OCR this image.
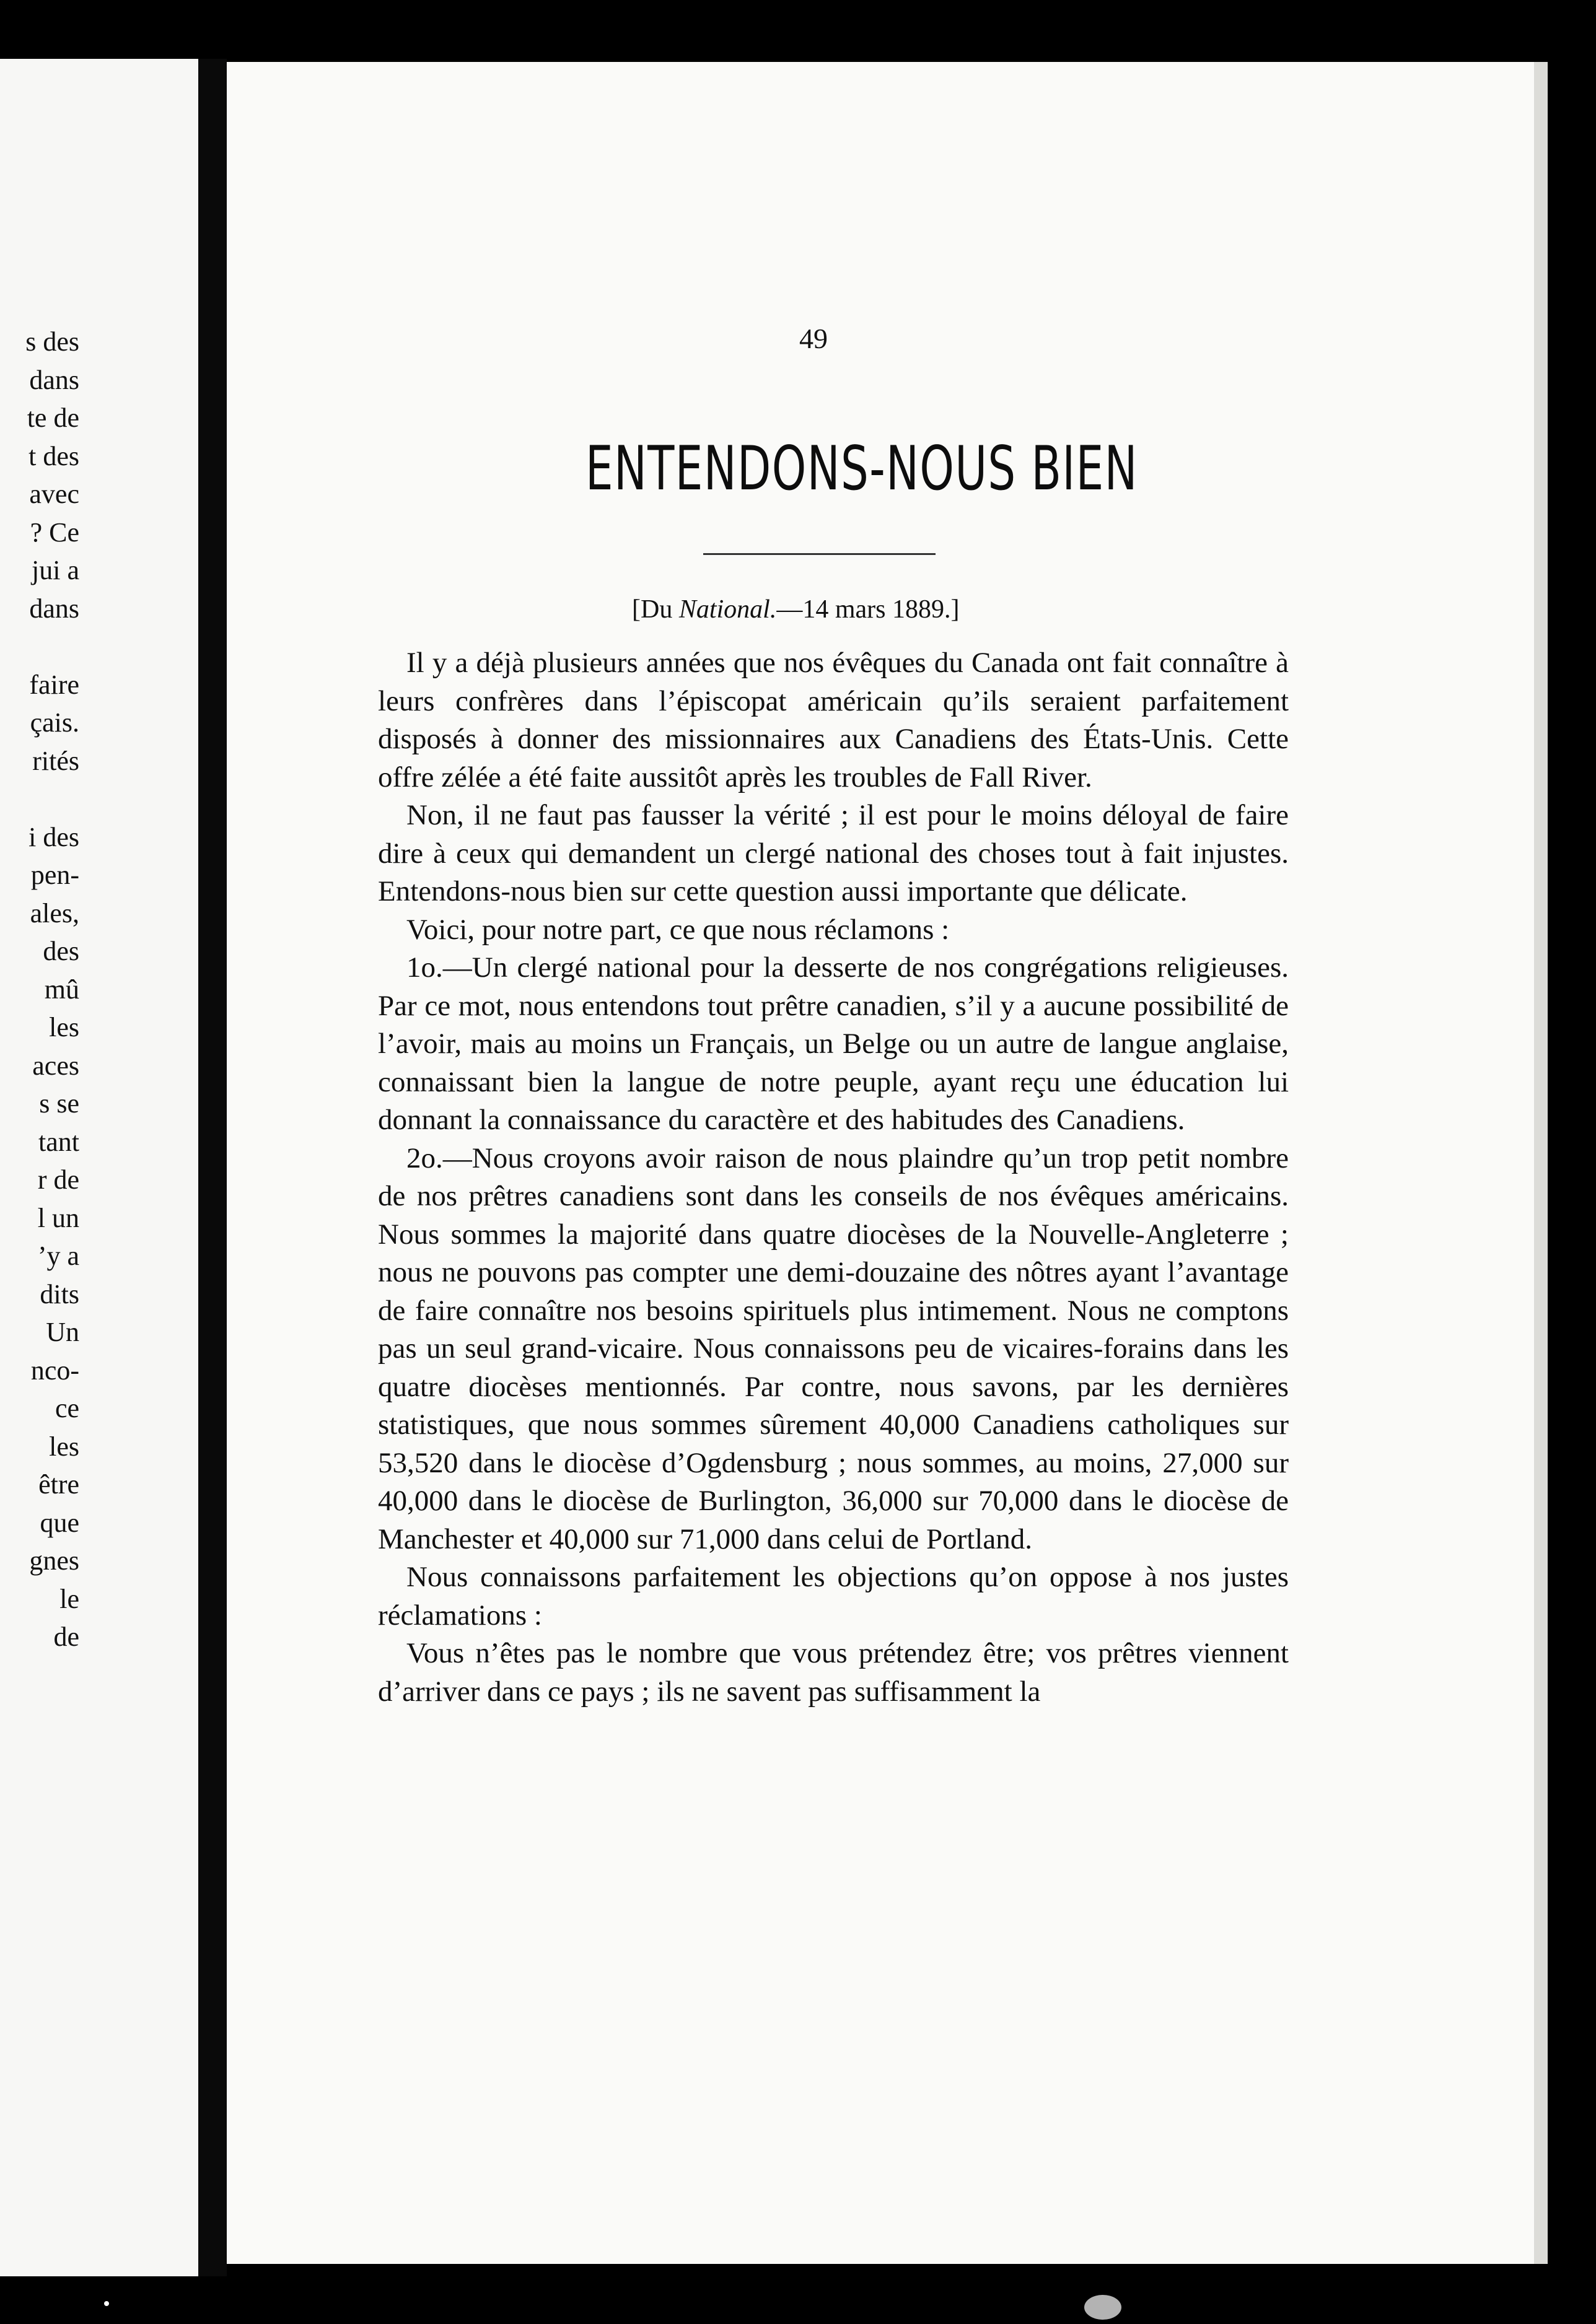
s des
dans
te de
t des
avec
? Ce
jui a
dans
faire
çais.
rités
i des
pen-
ales,
des
mû
les
aces
s se
tant
r de
l un
’y a
dits
Un
nco-
ce
les
être
que
gnes
le
de
49
ENTENDONS-NOUS BIEN
[Du National.—14 mars 1889.]

Il y a déjà plusieurs années que nos évêques du Canada ont fait connaître à leurs confrères dans l’épiscopat américain qu’ils seraient parfaitement disposés à donner des missionnaires aux Canadiens des États-Unis. Cette offre zélée a été faite aussitôt après les troubles de Fall River.

Non, il ne faut pas fausser la vérité ; il est pour le moins déloyal de faire dire à ceux qui demandent un clergé national des choses tout à fait injustes. Entendons-nous bien sur cette question aussi importante que délicate.

Voici, pour notre part, ce que nous réclamons :

1o.—Un clergé national pour la desserte de nos congrégations religieuses. Par ce mot, nous entendons tout prêtre canadien, s’il y a aucune possibilité de l’avoir, mais au moins un Français, un Belge ou un autre de langue anglaise, connaissant bien la langue de notre peuple, ayant reçu une éducation lui donnant la connaissance du caractère et des habitudes des Canadiens.

2o.—Nous croyons avoir raison de nous plaindre qu’un trop petit nombre de nos prêtres canadiens sont dans les conseils de nos évêques américains. Nous sommes la majorité dans quatre diocèses de la Nouvelle-Angleterre ; nous ne pouvons pas compter une demi-douzaine des nôtres ayant l’avantage de faire connaître nos besoins spirituels plus intimement. Nous ne comptons pas un seul grand-vicaire. Nous connaissons peu de vicaires-forains dans les quatre diocèses mentionnés. Par contre, nous savons, par les dernières statistiques, que nous sommes sûrement 40,000 Canadiens catholiques sur 53,520 dans le diocèse d’Ogdensburg ; nous sommes, au moins, 27,000 sur 40,000 dans le diocèse de Burlington, 36,000 sur 70,000 dans le diocèse de Manchester et 40,000 sur 71,000 dans celui de Portland.

Nous connaissons parfaitement les objections qu’on oppose à nos justes réclamations :

Vous n’êtes pas le nombre que vous prétendez être; vos prêtres viennent d’arriver dans ce pays ; ils ne savent pas suffisamment la
